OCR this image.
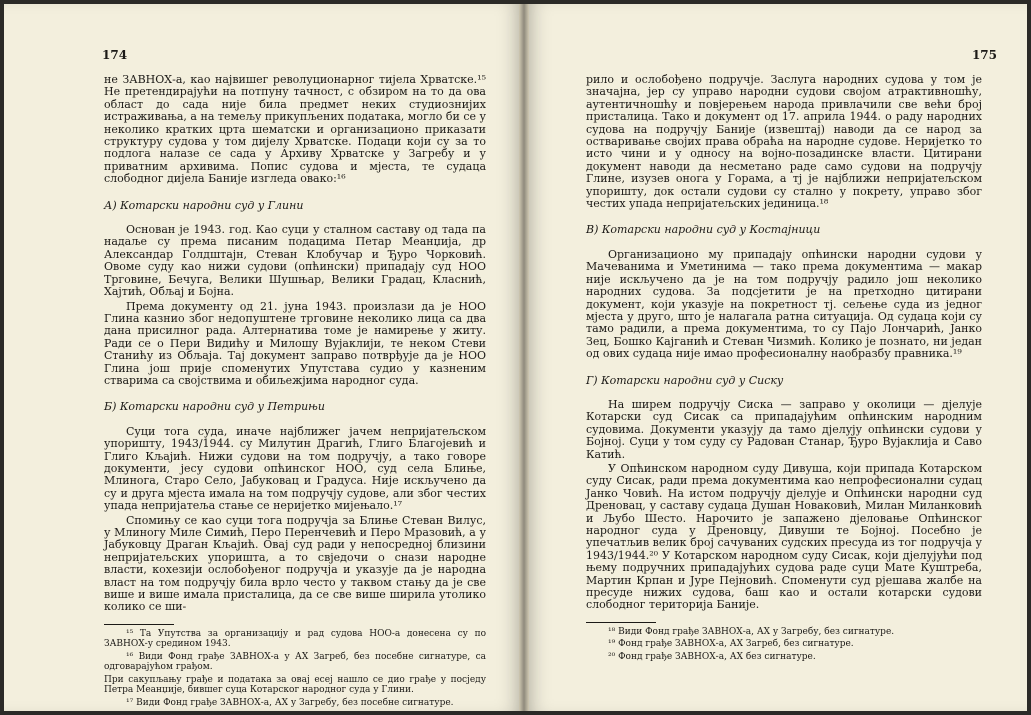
174

не ЗАВНОХ-а, као највишег револуционарног тијела Хрватске.¹⁵ Не претендирајући на потпуну тачност, с обзиром на то да ова област до сада није била предмет неких студиознијих истраживања, а на темељу прикупљених података, могло би се у неколико кратких црта шематски и организационо приказати структуру судова у том дијелу Хрватске. Подаци који су за то подлога налазе се сада у Архиву Хрватске у Загребу и у приватним архивима. Попис судова и мјеста, те судаца слободног дијела Баније изгледа овако:¹⁶

А) Котарски народни суд у Глини

Основан је 1943. год. Као суци у сталном саставу од тада па надаље су према писаним подацима Петар Меанџија, др Александар Голдштајн, Стеван Клобучар и Ђуро Чорковић. Овоме суду као нижи судови (опћински) припадају суд НОО Трговине, Бечуга, Велики Шушњар, Велики Градац, Класнић, Хајтић, Обљај и Бојна.

Према документу од 21. јуна 1943. произлази да је НОО Глина казнио због недопуштене трговине неколико лица са два дана присилног рада. Алтернатива томе је намирење у житу. Ради се о Пери Видићу и Милошу Вујаклији, те неком Стеви Станићу из Обљаја. Тај документ заправо потврђује да је НОО Глина још прије споменутих Упутстава судио у казненим стварима са својствима и обиљежјима народног суда.

Б) Котарски народни суд у Петрињи

Суци тога суда, иначе најближег јачем непријатељском упоришту, 1943/1944. су Милутин Драгић, Глиго Благојевић и Глиго Кљајић. Нижи судови на том подручју, а тако говоре документи, јесу судови опћинског НОО, суд села Блиње, Млинога, Старо Село, Јабуковац и Градуса. Није искључено да су и друга мјеста имала на том подручју судове, али због честих упада непријатеља стање се неријетко мијењало.¹⁷

Спомињу се као суци тога подручја за Блиње Стеван Вилус, у Млиногу Миле Симић, Перо Перенчевић и Перо Мразовић, а у Јабуковцу Драган Кљајић. Овај суд ради у непосредној близини непријатељских упоришта, а то свједочи о снази народне власти, кохезији ослобођеног подручја и указује да је народна власт на том подручју била врло често у таквом стању да је све више и више имала присталица, да се све више ширила утолико колико се ши-

¹⁵ Та Упутства за организацију и рад судова НОО-а донесена су по ЗАВНОХ-у средином 1943.

¹⁶ Види Фонд грађе ЗАВНОХ-а у АХ Загреб, без посебне сигнатуре, са одговарајућом грађом.

При сакупљању грађе и података за овај есеј нашло се дио грађе у посједу Петра Меанџије, бившег суца Котарског народног суда у Глини.

¹⁷ Види Фонд грађе ЗАВНОХ-а, АХ у Загребу, без посебне сигнатуре.

175

рило и ослобођено подручје. Заслуга народних судова у том је значајна, јер су управо народни судови својом атрактивношћу, аутентичношћу и повјерењем народа привлачили све већи број присталица. Тако и документ од 17. априла 1944. о раду народних судова на подручју Баније (извештај) наводи да се народ за остваривање својих права обраћа на народне судове. Неријетко то исто чини и у односу на војно-позадинске власти. Цитирани документ наводи да несметано раде само судови на подручју Глине, изузев онога у Горама, а тј је најближи непријатељском упоришту, док остали судови су стално у покрету, управо због честих упада непријатељских јединица.¹⁸

В) Котарски народни суд у Костајници

Организационо му припадају опћински народни судови у Мачеванима и Уметинима — тако према документима — макар није искључено да је на том подручју радило још неколико народних судова. За подсјетити је на претходно цитирани документ, који указује на покретност тј. сељење суда из једног мјеста у друго, што је налагала ратна ситуација. Од судаца који су тамо радили, а према документима, то су Пајо Лончарић, Јанко Зец, Бошко Кајганић и Стеван Чизмић. Колико је познато, ни један од ових судаца није имао професионалну наобразбу правника.¹⁹

Г) Котарски народни суд у Сиску

На ширем подручју Сиска — заправо у околици — дјелује Котарски суд Сисак са припадајућим опћинским народним судовима. Документи указују да тамо дјелују опћински судови у Бојној. Суци у том суду су Радован Станар, Ђуро Вујаклија и Саво Катић.

У Опћинском народном суду Дивуша, који припада Котарском суду Сисак, ради према документима као непрофесионални судац Јанко Човић. На истом подручју дјелује и Опћински народни суд Дреновац, у саставу судаца Душан Новаковић, Милан Миланковић и Љубо Шесто. Нарочито је запажено дјеловање Опћинског народног суда у Дреновцу, Дивуши те Бојној. Посебно је упечатљив велик број сачуваних судских пресуда из тог подручја у 1943/1944.²⁰ У Котарском народном суду Сисак, који дјелујући под њему подручних припадајућих судова раде суци Мате Куштреба, Мартин Крпан и Јуре Пејновић. Споменути суд рјешава жалбе на пресуде нижих судова, баш као и остали котарски судови слободног територија Баније.

¹⁸ Види Фонд грађе ЗАВНОХ-а, АХ у Загребу, без сигнатуре.

¹⁹ Фонд грађе ЗАВНОХ-а, АХ Загреб, без сигнатуре.

²⁰ Фонд грађе ЗАВНОХ-а, АХ без сигнатуре.
